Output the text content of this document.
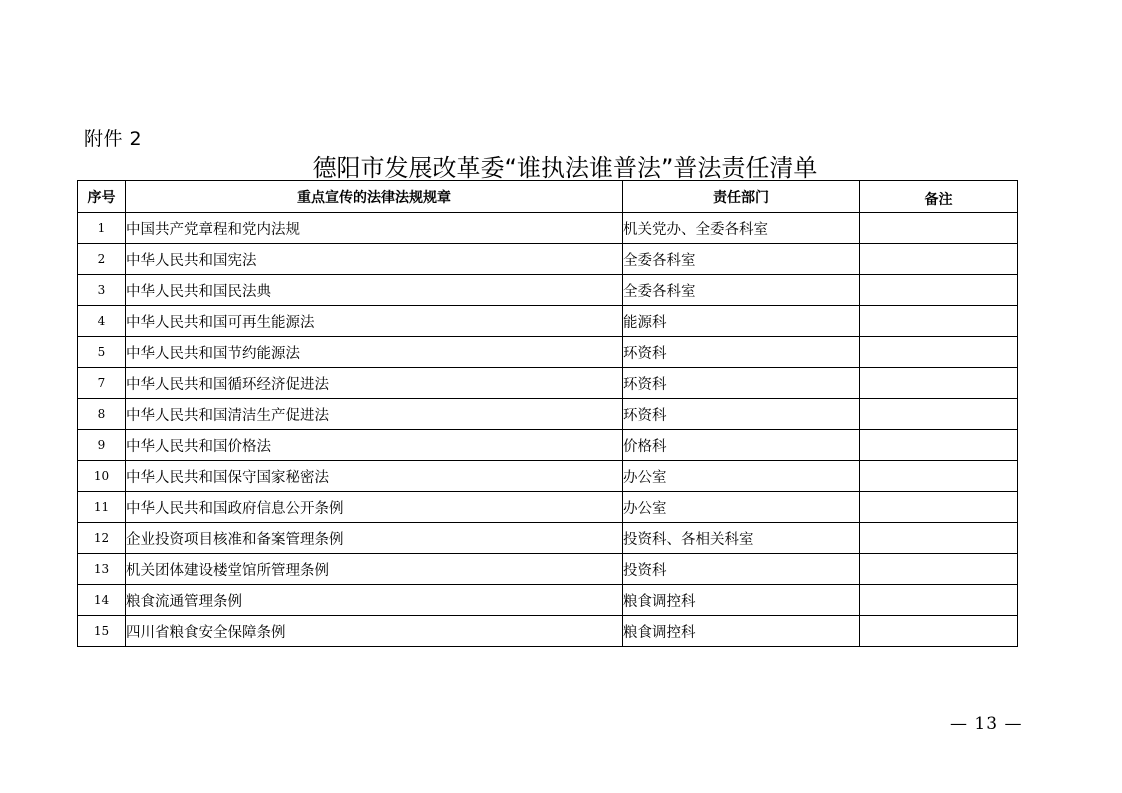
附件 2
德阳市发展改革委“谁执法谁普法”普法责任清单
序号	重点宣传的法律法规规章	责任部门	备注
1	中国共产党章程和党内法规	机关党办、全委各科室	
2	中华人民共和国宪法	全委各科室	
3	中华人民共和国民法典	全委各科室	
4	中华人民共和国可再生能源法	能源科	
5	中华人民共和国节约能源法	环资科	
7	中华人民共和国循环经济促进法	环资科	
8	中华人民共和国清洁生产促进法	环资科	
9	中华人民共和国价格法	价格科	
10	中华人民共和国保守国家秘密法	办公室	
11	中华人民共和国政府信息公开条例	办公室	
12	企业投资项目核准和备案管理条例	投资科、各相关科室	
13	机关团体建设楼堂馆所管理条例	投资科	
14	粮食流通管理条例	粮食调控科	
15	四川省粮食安全保障条例	粮食调控科	
— 13 —
